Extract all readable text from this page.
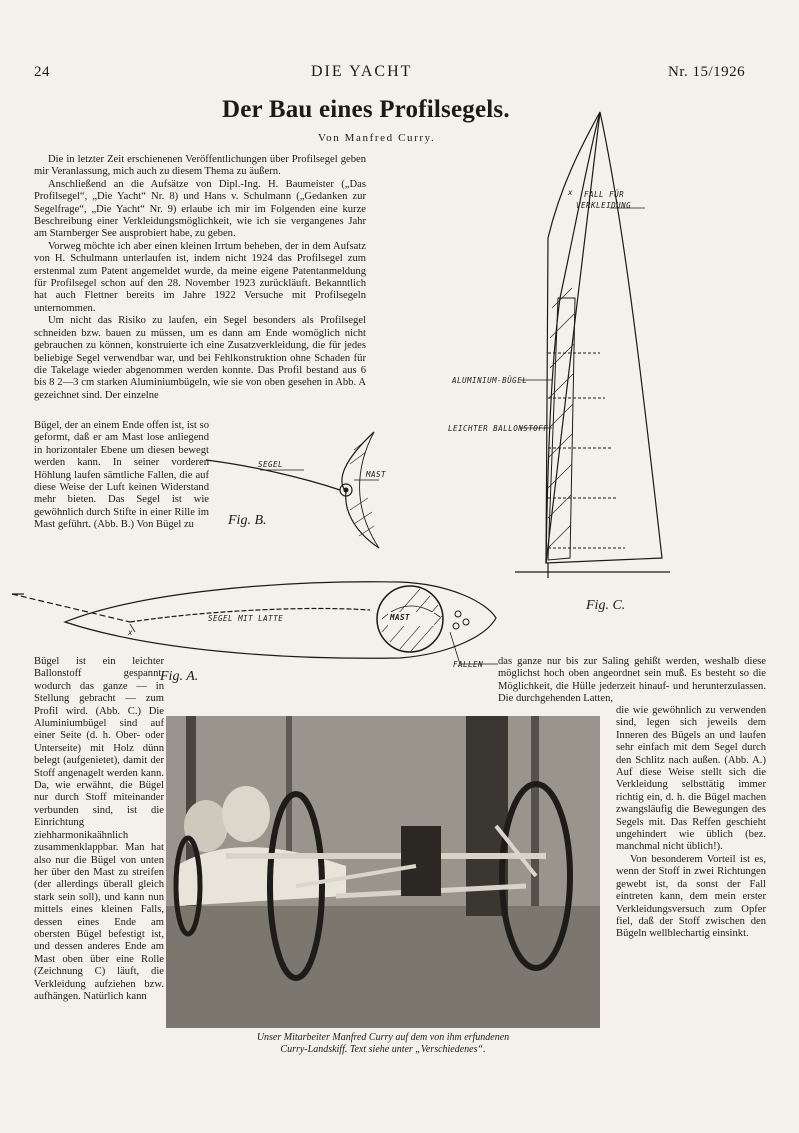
24	DIE YACHT	Nr. 15/1926
Der Bau eines Profilsegels.
Von Manfred Curry.

Die in letzter Zeit erschienenen Veröffentlichungen über Profilsegel geben mir Veranlassung, mich auch zu diesem Thema zu äußern.

Anschließend an die Aufsätze von Dipl.-Ing. H. Baumeister („Das Profilsegel“, „Die Yacht“ Nr. 8) und Hans v. Schulmann („Gedanken zur Segelfrage“, „Die Yacht“ Nr. 9) erlaube ich mir im Folgenden eine kurze Beschreibung einer Verkleidungsmöglichkeit, wie ich sie vergangenes Jahr am Starnberger See ausprobiert habe, zu geben.

Vorweg möchte ich aber einen kleinen Irrtum beheben, der in dem Aufsatz von H. Schulmann unterlaufen ist, indem nicht 1924 das Profilsegel zum erstenmal zum Patent angemeldet wurde, da meine eigene Patentanmeldung für Profilsegel schon auf den 28. November 1923 zurückläuft. Bekanntlich hat auch Flettner bereits im Jahre 1922 Versuche mit Profilsegeln unternommen.

Um nicht das Risiko zu laufen, ein Segel besonders als Profilsegel schneiden bzw. bauen zu müssen, um es dann am Ende womöglich nicht gebrauchen zu können, konstruierte ich eine Zusatzverkleidung, die für jedes beliebige Segel verwendbar war, und bei Fehlkonstruktion ohne Schaden für die Takelage wieder abgenommen werden konnte. Das Profil bestand aus 6 bis 8 2—3 cm starken Aluminiumbügeln, wie sie von oben gesehen in Abb. A gezeichnet sind. Der einzelne

Bügel, der an einem Ende offen ist, ist so geformt, daß er am Mast lose anliegend in horizontaler Ebene um diesen bewegt werden kann. In seiner vorderen Höhlung laufen sämtliche Fallen, die auf diese Weise der Luft keinen Widerstand mehr bieten. Das Segel ist wie gewöhnlich durch Stifte in einer Rille im Mast geführt. (Abb. B.) Von Bügel zu

x FALL FÜR
VERKLEIDUNG
ALUMINIUM-BÜGEL
LEICHTER BALLONSTOFF
Fig. C.
SEGEL
MAST
Fig. B.
SEGEL MIT LATTE	MAST
FALLEN
x
Fig. A.

Bügel ist ein leichter Ballonstoff gespannt, wodurch das ganze — in Stellung gebracht — zum Profil wird. (Abb. C.) Die Aluminiumbügel sind auf einer Seite (d. h. Ober- oder Unterseite) mit Holz dünn belegt (aufgenietet), damit der Stoff angenagelt werden kann. Da, wie erwähnt, die Bügel nur durch Stoff miteinander verbunden sind, ist die Einrichtung ziehharmonikaähnlich zusammenklappbar. Man hat also nur die Bügel von unten her über den Mast zu streifen (der allerdings überall gleich stark sein soll), und kann nun mittels eines kleinen Falls, dessen eines Ende am obersten Bügel befestigt ist, und dessen anderes Ende am Mast oben über eine Rolle (Zeichnung C) läuft, die Verkleidung aufziehen bzw. aufhängen. Natürlich kann

das ganze nur bis zur Saling gehißt werden, weshalb diese möglichst hoch oben angeordnet sein muß. Es besteht so die Möglichkeit, die Hülle jederzeit hinauf- und herunterzulassen. Die durchgehenden Latten,

die wie gewöhnlich zu verwenden sind, legen sich jeweils dem Inneren des Bügels an und laufen sehr einfach mit dem Segel durch den Schlitz nach außen. (Abb. A.) Auf diese Weise stellt sich die Verkleidung selbsttätig immer richtig ein, d. h. die Bügel machen zwangsläufig die Bewegungen des Segels mit. Das Reffen geschieht ungehindert wie üblich (bez. manchmal nicht üblich!).

Von besonderem Vorteil ist es, wenn der Stoff in zwei Richtungen gewebt ist, da sonst der Fall eintreten kann, dem mein erster Verkleidungsversuch zum Opfer fiel, daß der Stoff zwischen den Bügeln wellblechartig einsinkt.

Unser Mitarbeiter Manfred Curry auf dem von ihm erfundenen
Curry-Landskiff. Text siehe unter „Verschiedenes“.
